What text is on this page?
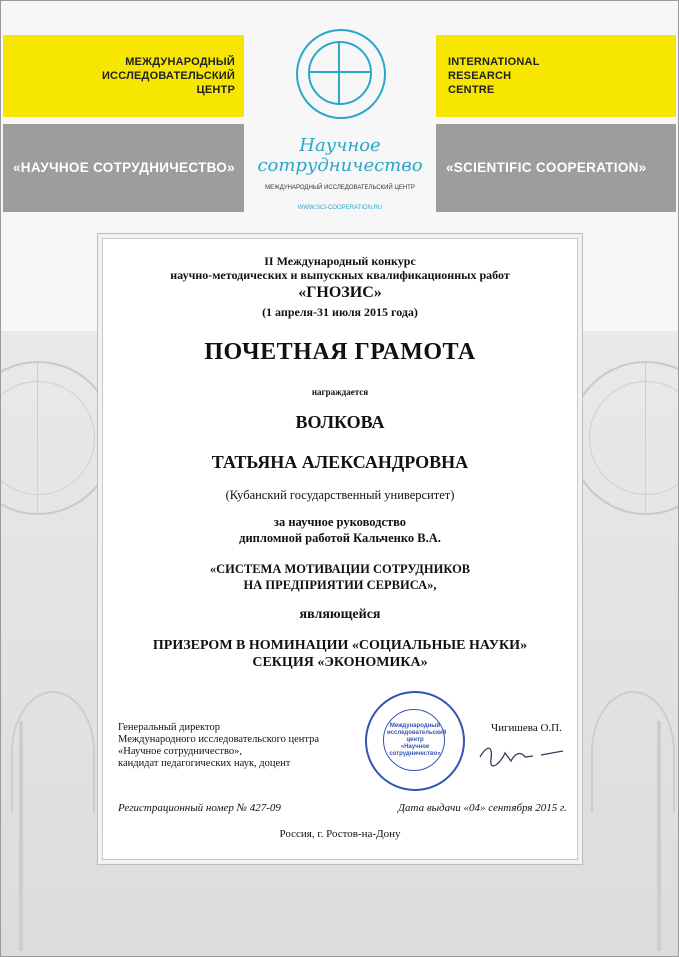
МЕЖДУНАРОДНЫЙ
ИССЛЕДОВАТЕЛЬСКИЙ
ЦЕНТР
INTERNATIONAL
RESEARCH
CENTRE
«НАУЧНОЕ СОТРУДНИЧЕСТВО»	«SCIENTIFIC COOPERATION»
Научное
сотрудничество
МЕЖДУНАРОДНЫЙ ИССЛЕДОВАТЕЛЬСКИЙ ЦЕНТР
WWW.SCI-COOPERATION.RU
II Международный конкурс
научно-методических и выпускных квалификационных работ
«ГНОЗИС»
(1 апреля-31 июля 2015 года)
ПОЧЕТНАЯ ГРАМОТА
награждается
ВОЛКОВА
ТАТЬЯНА АЛЕКСАНДРОВНА
(Кубанский государственный университет)
за научное руководство
дипломной работой Кальченко В.А.
«СИСТЕМА МОТИВАЦИИ СОТРУДНИКОВ
НА ПРЕДПРИЯТИИ СЕРВИСА»,
являющейся
ПРИЗЕРОМ В НОМИНАЦИИ «СОЦИАЛЬНЫЕ НАУКИ»
СЕКЦИЯ «ЭКОНОМИКА»
Генеральный директор
Международного исследовательского центра
«Научное сотрудничество»,
кандидат педагогических наук, доцент
Международный
исследовательский центр
«Научное
сотрудничество»
Чигишева О.П.
Регистрационный номер № 427-09	Дата выдачи «04» сентября 2015 г.
Россия, г. Ростов-на-Дону
